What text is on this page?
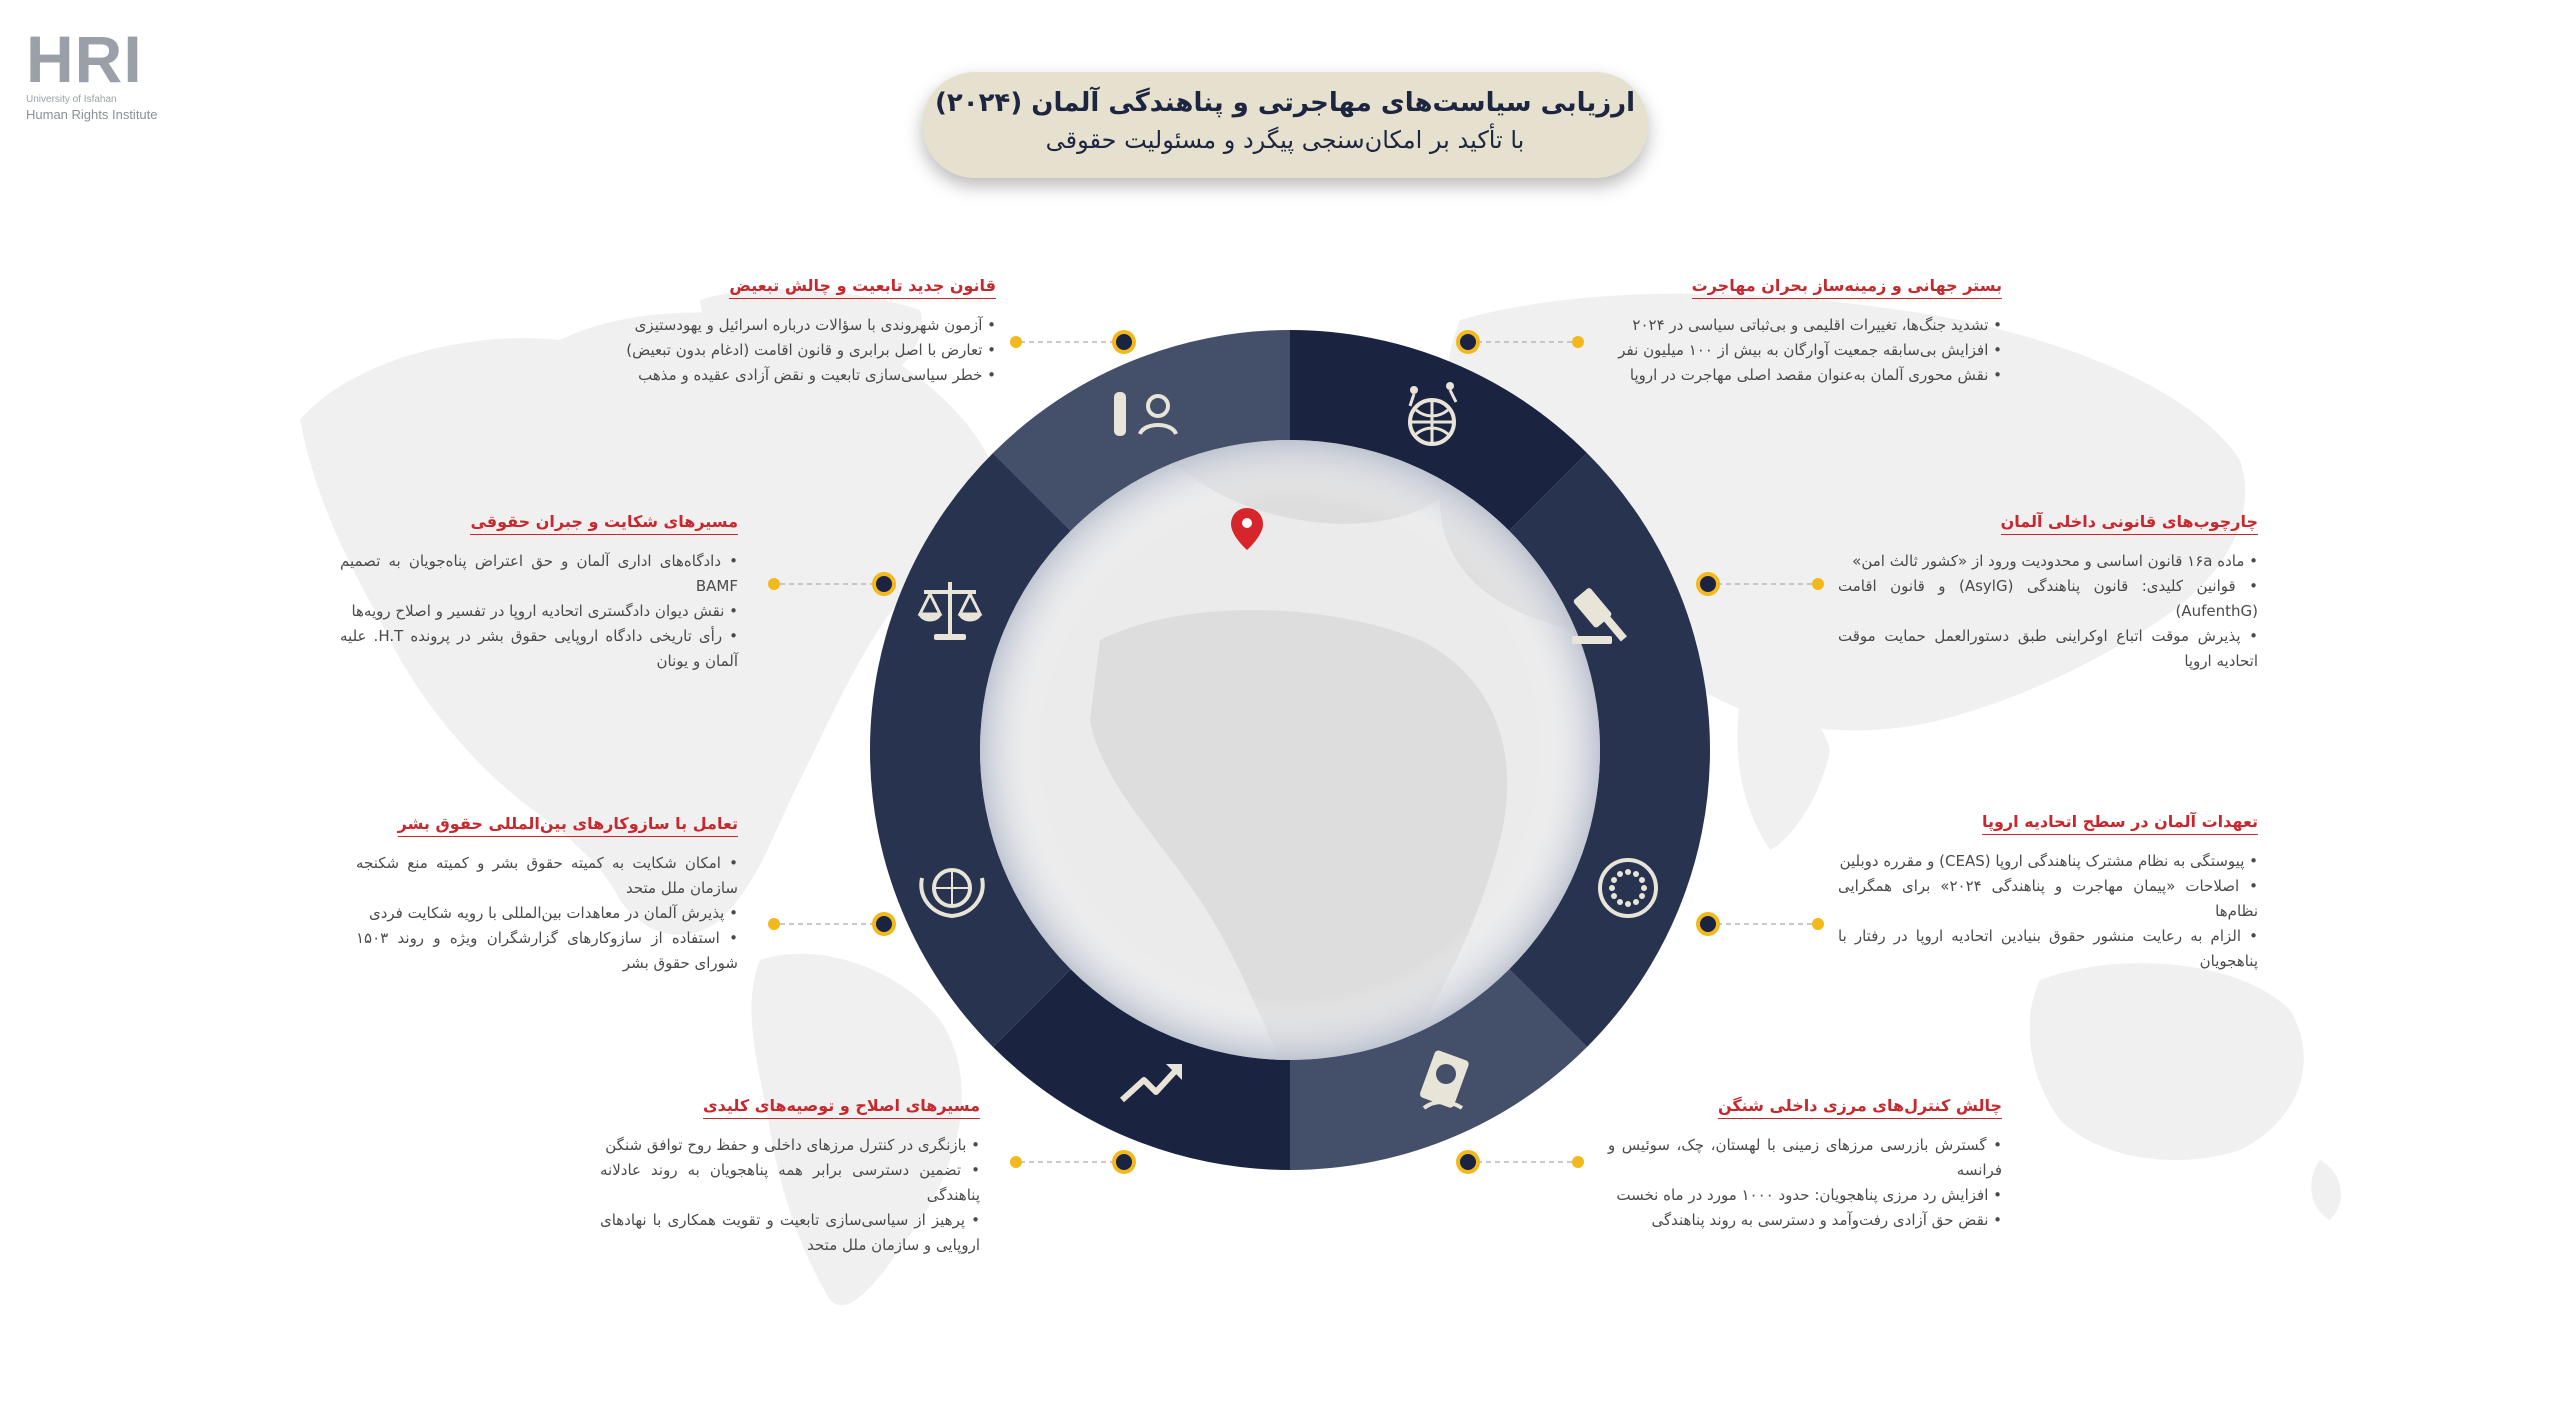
HRI
University of Isfahan
Human Rights Institute	ارزیابی سیاست‌های مهاجرتی و پناهندگی آلمان (۲۰۲۴)
با تأکید بر امکان‌سنجی پیگرد و مسئولیت حقوقی
بستر جهانی و زمینه‌ساز بحران مهاجرت
• تشدید جنگ‌ها، تغییرات اقلیمی و بی‌ثباتی سیاسی در ۲۰۲۴
• افزایش بی‌سابقه جمعیت آوارگان به بیش از ۱۰۰ میلیون نفر
• نقش محوری آلمان به‌عنوان مقصد اصلی مهاجرت در اروپا
چارچوب‌های قانونی داخلی آلمان
• ماده ۱۶a قانون اساسی و محدودیت ورود از «کشور ثالث امن»
• قوانین کلیدی: قانون پناهندگی (AsylG) و قانون اقامت (AufenthG)
• پذیرش موقت اتباع اوکراینی طبق دستورالعمل حمایت موقت اتحادیه اروپا
تعهدات آلمان در سطح اتحادیه اروپا
• پیوستگی به نظام مشترک پناهندگی اروپا (CEAS) و مقرره دوبلین
• اصلاحات «پیمان مهاجرت و پناهندگی ۲۰۲۴» برای همگرایی نظام‌ها
• الزام به رعایت منشور حقوق بنیادین اتحادیه اروپا در رفتار با پناهجویان
چالش کنترل‌های مرزی داخلی شنگن
• گسترش بازرسی مرزهای زمینی با لهستان، چک، سوئیس و فرانسه
• افزایش رد مرزی پناهجویان: حدود ۱۰۰۰ مورد در ماه نخست
• نقض حق آزادی رفت‌وآمد و دسترسی به روند پناهندگی
مسیرهای اصلاح و توصیه‌های کلیدی
• بازنگری در کنترل مرزهای داخلی و حفظ روح توافق شنگن
• تضمین دسترسی برابر همه پناهجویان به روند عادلانه پناهندگی
• پرهیز از سیاسی‌سازی تابعیت و تقویت همکاری با نهادهای اروپایی و سازمان ملل متحد
تعامل با سازوکارهای بین‌المللی حقوق بشر
• امکان شکایت به کمیته حقوق بشر و کمیته منع شکنجه سازمان ملل متحد
• پذیرش آلمان در معاهدات بین‌المللی با رویه شکایت فردی
• استفاده از سازوکارهای گزارشگران ویژه و روند ۱۵۰۳ شورای حقوق بشر
مسیرهای شکایت و جبران حقوقی
• دادگاه‌های اداری آلمان و حق اعتراض پناه‌جویان به تصمیم BAMF
• نقش دیوان دادگستری اتحادیه اروپا در تفسیر و اصلاح رویه‌ها
• رأی تاریخی دادگاه اروپایی حقوق بشر در پرونده H.T. علیه آلمان و یونان
قانون جدید تابعیت و چالش تبعیض
• آزمون شهروندی با سؤالات درباره اسرائیل و یهودستیزی
• تعارض با اصل برابری و قانون اقامت (ادغام بدون تبعیض)
• خطر سیاسی‌سازی تابعیت و نقض آزادی عقیده و مذهب
